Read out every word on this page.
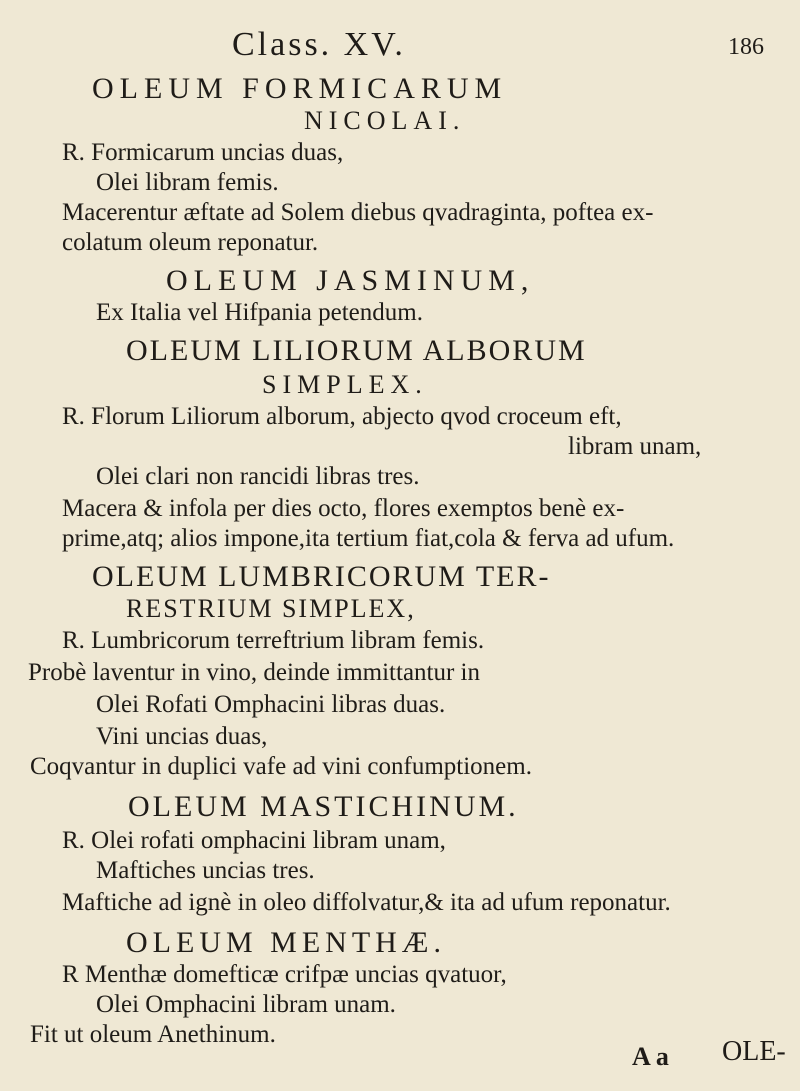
Class. XV.	186
OLEUM FORMICARUM
NICOLAI.
R. Formicarum uncias duas,
Olei libram femis.
Macerentur æftate ad Solem diebus qvadraginta, poftea ex-
colatum oleum reponatur.
OLEUM JASMINUM,
Ex Italia vel Hifpania petendum.
OLEUM LILIORUM ALBORUM
SIMPLEX.
R. Florum Liliorum alborum, abjecto qvod croceum eft,
libram unam,
Olei clari non rancidi libras tres.
Macera & infola per dies octo, flores exemptos benè ex-
prime,atq; alios impone,ita tertium fiat,cola & ferva ad ufum.
OLEUM LUMBRICORUM TER-
RESTRIUM SIMPLEX,
R. Lumbricorum terreftrium libram femis.
Probè laventur in vino, deinde immittantur in
Olei Rofati Omphacini libras duas.
Vini uncias duas,
Coqvantur in duplici vafe ad vini confumptionem.
OLEUM MASTICHINUM.
R. Olei rofati omphacini libram unam,
Maftiches uncias tres.
Maftiche ad ignè in oleo diffolvatur,& ita ad ufum reponatur.
OLEUM MENTHÆ.
R Menthæ domefticæ crifpæ uncias qvatuor,
Olei Omphacini libram unam.
Fit ut oleum Anethinum.
A a OLE-
